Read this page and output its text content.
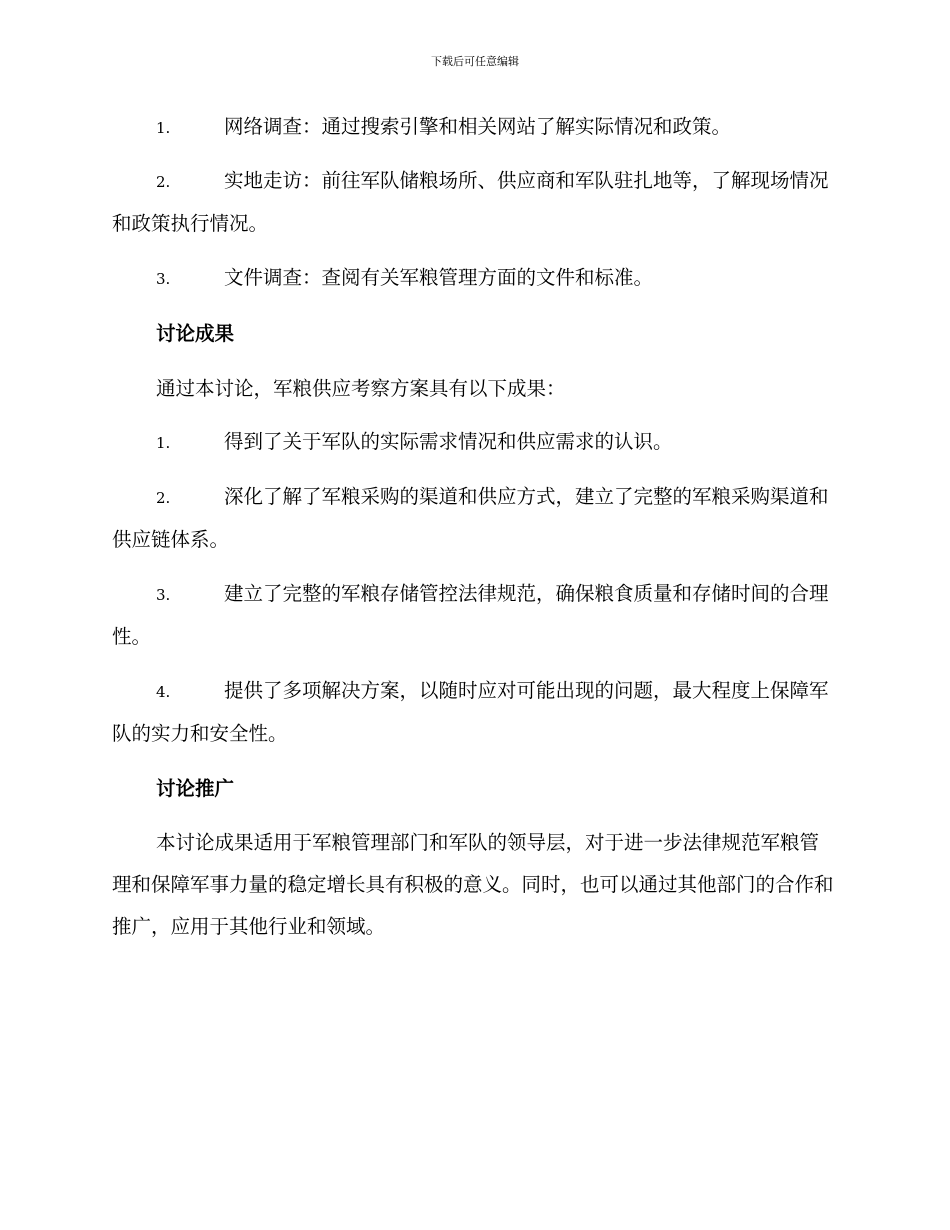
下载后可任意编辑
1.	网络调查：通过搜索引擎和相关网站了解实际情况和政策。
2.	实地走访：前往军队储粮场所、供应商和军队驻扎地等，了解现场情况和政策执行情况。
3.	文件调查：查阅有关军粮管理方面的文件和标准。
讨论成果
通过本讨论，军粮供应考察方案具有以下成果：
1.	得到了关于军队的实际需求情况和供应需求的认识。
2.	深化了解了军粮采购的渠道和供应方式，建立了完整的军粮采购渠道和供应链体系。
3.	建立了完整的军粮存储管控法律规范，确保粮食质量和存储时间的合理性。
4.	提供了多项解决方案，以随时应对可能出现的问题，最大程度上保障军队的实力和安全性。
讨论推广
本讨论成果适用于军粮管理部门和军队的领导层，对于进一步法律规范军粮管理和保障军事力量的稳定增长具有积极的意义。同时，也可以通过其他部门的合作和推广，应用于其他行业和领域。
